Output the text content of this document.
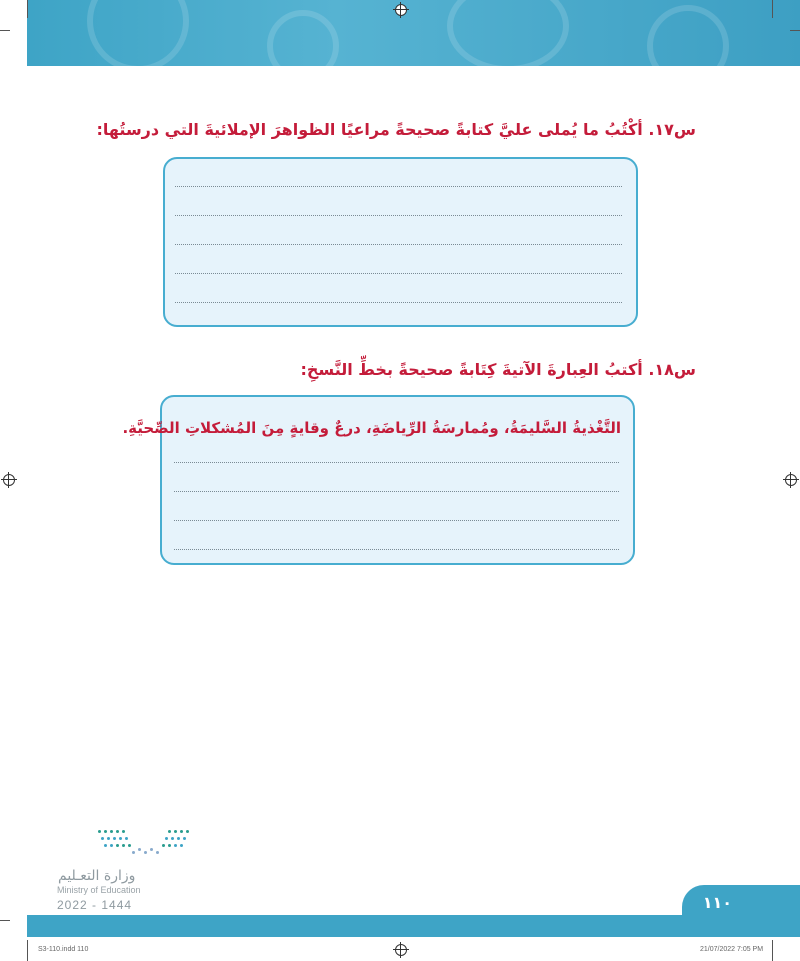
س١٧. أكْتُبُ ما يُملى عليَّ كتابةً صحيحةً مراعيًا الظواهرَ الإملائيةَ التي درستُها:
س١٨. أكتبُ العِبارةَ الآتيةَ كِتَابةً صحيحةً بخطِّ النَّسخِ:
التَّغْذيةُ السَّليمَةُ، ومُمارسَةُ الرِّياضَةِ، درعٌ وقايةٍ مِنَ المُشكلاتِ الصِّحيَّةِ.
وزارة التعـليم
Ministry of Education
2022 - 1444	١١٠
S3-110.indd 110	21/07/2022 7:05 PM
